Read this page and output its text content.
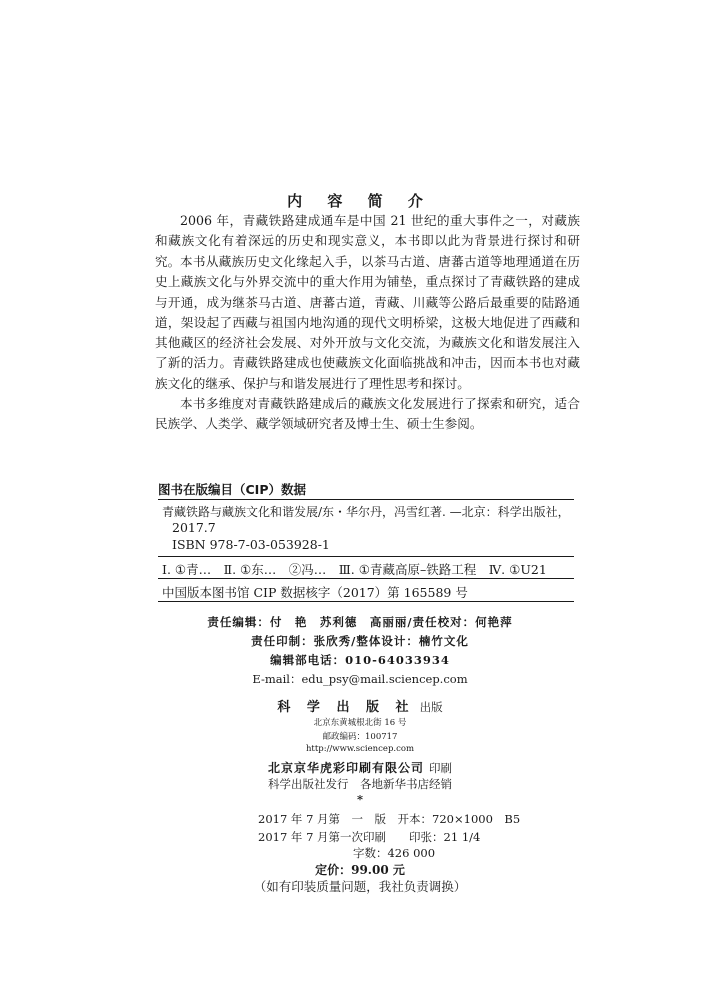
内 容 简 介

2006 年，青藏铁路建成通车是中国 21 世纪的重大事件之一，对藏族和藏族文化有着深远的历史和现实意义，本书即以此为背景进行探讨和研究。 本书从藏族历史文化缘起入手，以茶马古道、唐蕃古道等地理通道在历史上藏族文化与外界交流中的重大作用为铺垫，重点探讨了青藏铁路的建成与开通，成为继茶马古道、唐蕃古道，青藏、川藏等公路后最重要的陆路通道，架设起了西藏与祖国内地沟通的现代文明桥梁，这极大地促进了西藏和其他藏区的经济社会发展、对外开放与文化交流，为藏族文化和谐发展注入了新的活力。青藏铁路建成也使藏族文化面临挑战和冲击，因而本书也对藏族文化的继承、保护与和谐发展进行了理性思考和探讨。

本书多维度对青藏铁路建成后的藏族文化发展进行了探索和研究，适合民族学、人类学、藏学领域研究者及博士生、硕士生参阅。

图书在版编目（CIP）数据
青藏铁路与藏族文化和谐发展/东・华尔丹，冯雪红著. —北京：科学出版社，
2017.7
ISBN 978-7-03-053928-1
Ⅰ. ①青…　Ⅱ. ①东…　②冯…　Ⅲ. ①青藏高原–铁路工程　Ⅳ. ①U21
中国版本图书馆 CIP 数据核字（2017）第 165589 号
责任编辑：付　艳　苏利德　高丽丽/责任校对：何艳萍
责任印制：张欣秀/整体设计：楠竹文化
编辑部电话：010-64033934
E-mail：edu_psy@mail.sciencep.com
科 学 出 版 社 出版
北京东黄城根北街 16 号
邮政编码：100717
http://www.sciencep.com
北京京华虎彩印刷有限公司 印刷
科学出版社发行　各地新华书店经销
*
2017 年 7 月第　一　版　开本：720×1000　B5
2017 年 7 月第一次印刷　　印张：21 1/4
字数：426 000
定价：99.00 元
（如有印装质量问题，我社负责调换）
